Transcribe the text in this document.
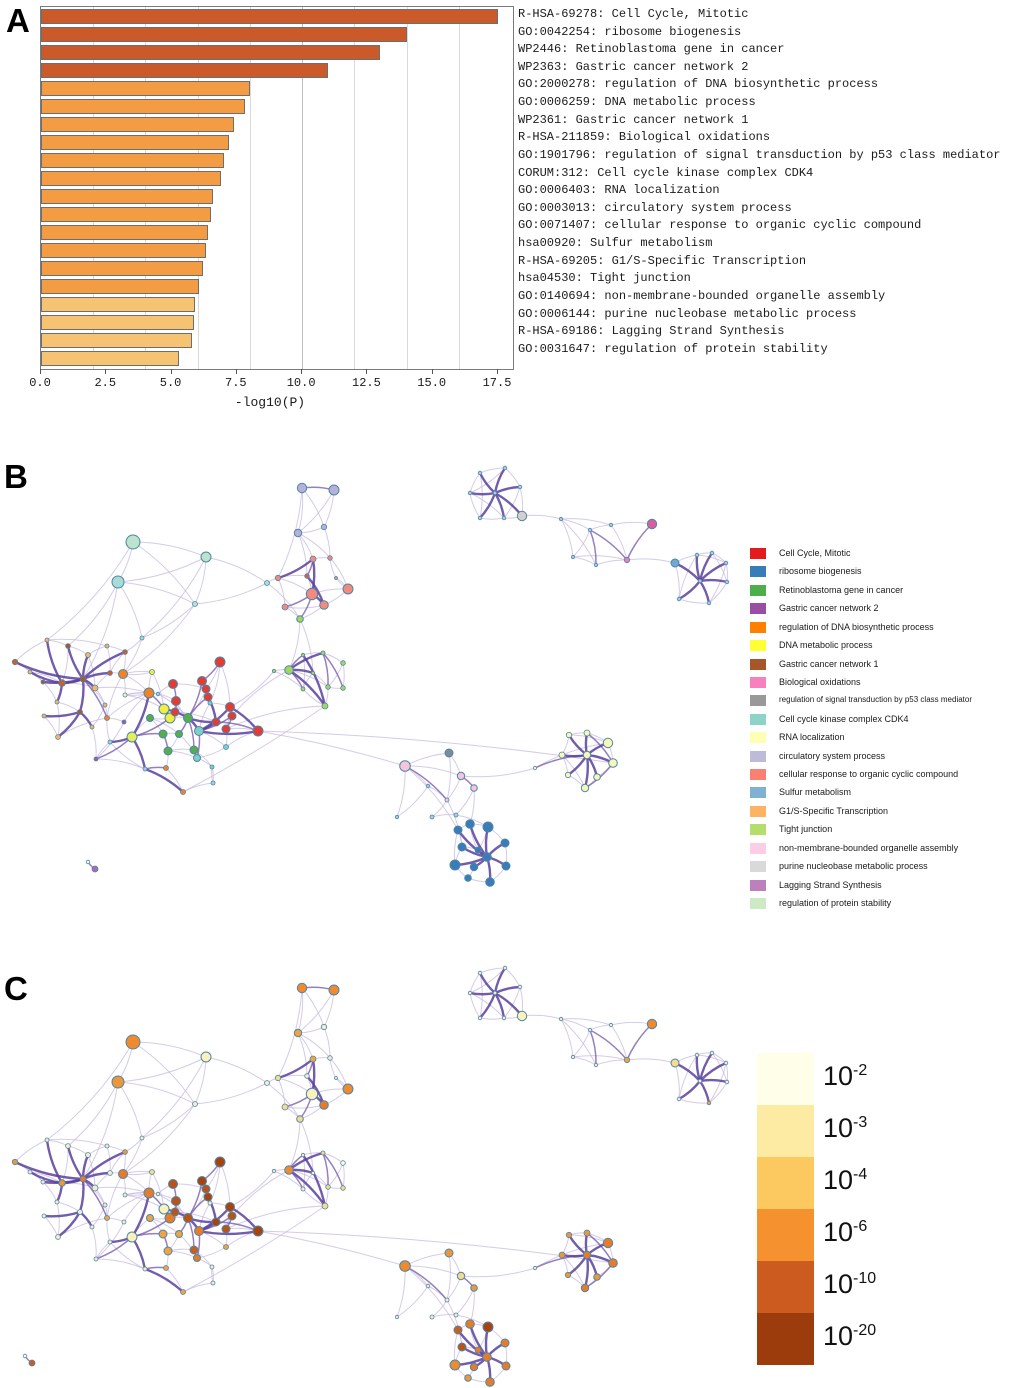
A
B
C
0.0	2.5	5.0	7.5	10.0	12.5	15.0	17.5
-log10(P)
R-HSA-69278: Cell Cycle, Mitotic
GO:0042254: ribosome biogenesis
WP2446: Retinoblastoma gene in cancer
WP2363: Gastric cancer network 2
GO:2000278: regulation of DNA biosynthetic process
GO:0006259: DNA metabolic process
WP2361: Gastric cancer network 1
R-HSA-211859: Biological oxidations
GO:1901796: regulation of signal transduction by p53 class mediator
CORUM:312: Cell cycle kinase complex CDK4
GO:0006403: RNA localization
GO:0003013: circulatory system process
GO:0071407: cellular response to organic cyclic compound
hsa00920: Sulfur metabolism
R-HSA-69205: G1/S-Specific Transcription
hsa04530: Tight junction
GO:0140694: non-membrane-bounded organelle assembly
GO:0006144: purine nucleobase metabolic process
R-HSA-69186: Lagging Strand Synthesis
GO:0031647: regulation of protein stability
Cell Cycle, Mitotic
ribosome biogenesis
Retinoblastoma gene in cancer
Gastric cancer network 2
regulation of DNA biosynthetic process
DNA metabolic process
Gastric cancer network 1
Biological oxidations
regulation of signal transduction by p53 class mediator
Cell cycle kinase complex CDK4
RNA localization
circulatory system process
cellular response to organic cyclic compound
Sulfur metabolism
G1/S-Specific Transcription
Tight junction
non-membrane-bounded organelle assembly
purine nucleobase metabolic process
Lagging Strand Synthesis
regulation of protein stability
$10^{-2}$
$10^{-3}$
$10^{-4}$
$10^{-6}$
$10^{-10}$
$10^{-20}$
